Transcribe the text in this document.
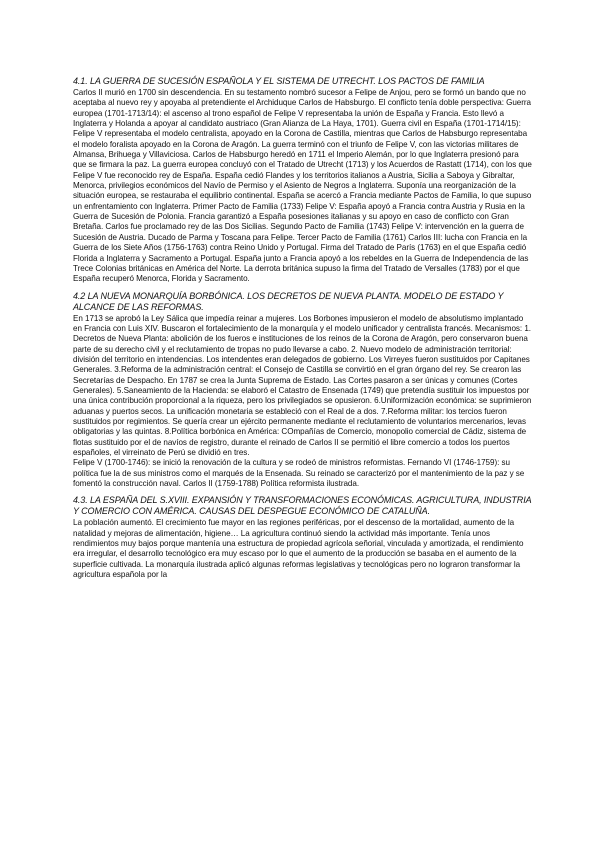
4.1. LA GUERRA DE SUCESIÓN ESPAÑOLA Y EL SISTEMA DE UTRECHT. LOS PACTOS DE FAMILIA
Carlos II murió en 1700 sin descendencia. En su testamento nombró sucesor a Felipe de Anjou, pero se formó un bando que no aceptaba al nuevo rey y apoyaba al pretendiente el Archiduque Carlos de Habsburgo. El conflicto tenía doble perspectiva: Guerra europea (1701-1713/14): el ascenso al trono español de Felipe V representaba la unión de España y Francia. Esto llevó a Inglaterra y Holanda a apoyar al candidato austriaco (Gran Alianza de La Haya, 1701). Guerra civil en España (1701-1714/15): Felipe V representaba el modelo centralista, apoyado en la Corona de Castilla, mientras que Carlos de Habsburgo representaba el modelo foralista apoyado en la Corona de Aragón. La guerra terminó con el triunfo de Felipe V, con las victorias militares de Almansa, Brihuega y Villaviciosa. Carlos de Habsburgo heredó en 1711 el Imperio Alemán, por lo que Inglaterra presionó para que se firmara la paz. La guerra europea concluyó con el Tratado de Utrecht (1713) y los Acuerdos de Rastatt (1714), con los que Felipe V fue reconocido rey de España. España cedió Flandes y los territorios italianos a Austria, Sicilia a Saboya y Gibraltar, Menorca, privilegios económicos del Navío de Permiso y el Asiento de Negros a Inglaterra. Suponía una reorganización de la situación europea, se restauraba el equilibrio continental. España se acercó a Francia mediante Pactos de Familia, lo que supuso un enfrentamiento con Inglaterra. Primer Pacto de Familia (1733) Felipe V: España apoyó a Francia contra Austria y Rusia en la Guerra de Sucesión de Polonia. Francia garantizó a España posesiones italianas y su apoyo en caso de conflicto con Gran Bretaña. Carlos fue proclamado rey de las Dos Sicilias. Segundo Pacto de Familia (1743) Felipe V: intervención en la guerra de Sucesión de Austria. Ducado de Parma y Toscana para Felipe. Tercer Pacto de Familia (1761) Carlos III: lucha con Francia en la Guerra de los Siete Años (1756-1763) contra Reino Unido y Portugal. Firma del Tratado de París (1763) en el que España cedió Florida a Inglaterra y Sacramento a Portugal. España junto a Francia apoyó a los rebeldes en la Guerra de Independencia de las Trece Colonias británicas en América del Norte. La derrota británica supuso la firma del Tratado de Versalles (1783) por el que España recuperó Menorca, Florida y Sacramento.
4.2 LA NUEVA MONARQUÍA BORBÓNICA. LOS DECRETOS DE NUEVA PLANTA. MODELO DE ESTADO Y ALCANCE DE LAS REFORMAS.
En 1713 se aprobó la Ley Sálica que impedía reinar a mujeres. Los Borbones impusieron el modelo de absolutismo implantado en Francia con Luis XIV. Buscaron el fortalecimiento de la monarquía y el modelo unificador y centralista francés. Mecanismos: 1. Decretos de Nueva Planta: abolición de los fueros e instituciones de los reinos de la Corona de Aragón, pero conservaron buena parte de su derecho civil y el reclutamiento de tropas no pudo llevarse a cabo. 2. Nuevo modelo de administración territorial: división del territorio en intendencias. Los intendentes eran delegados de gobierno. Los Virreyes fueron sustituidos por Capitanes Generales. 3.Reforma de la administración central: el Consejo de Castilla se convirtió en el gran órgano del rey. Se crearon las Secretarías de Despacho. En 1787 se crea la Junta Suprema de Estado. Las Cortes pasaron a ser únicas y comunes (Cortes Generales). 5.Saneamiento de la Hacienda: se elaboró el Catastro de Ensenada (1749) que pretendía sustituir los impuestos por una única contribución proporcional a la riqueza, pero los privilegiados se opusieron. 6.Uniformización económica: se suprimieron aduanas y puertos secos. La unificación monetaria se estableció con el Real de a dos. 7.Reforma militar: los tercios fueron sustituidos por regimientos. Se quería crear un ejército permanente mediante el reclutamiento de voluntarios mercenarios, levas obligatorias y las quintas. 8.Política borbónica en América: COmpañías de Comercio, monopolio comercial de Cádiz, sistema de flotas sustituido por el de navíos de registro, durante el reinado de Carlos II se permitió el libre comercio a todos los puertos españoles, el virreinato de Perú se dividió en tres.
Felipe V (1700-1746): se inició la renovación de la cultura y se rodeó de ministros reformistas. Fernando VI (1746-1759): su política fue la de sus ministros como el marqués de la Ensenada. Su reinado se caracterizó por el mantenimiento de la paz y se fomentó la construcción naval. Carlos II (1759-1788) Política reformista ilustrada.
4.3. LA ESPAÑA DEL S.XVIII. EXPANSIÓN Y TRANSFORMACIONES ECONÓMICAS. AGRICULTURA, INDUSTRIA Y COMERCIO CON AMÉRICA. CAUSAS DEL DESPEGUE ECONÓMICO DE CATALUÑA.
La población aumentó. El crecimiento fue mayor en las regiones periféricas, por el descenso de la mortalidad, aumento de la natalidad y mejoras de alimentación, higiene… La agricultura continuó siendo la actividad más importante. Tenía unos rendimientos muy bajos porque mantenía una estructura de propiedad agrícola señorial, vinculada y amortizada, el rendimiento era irregular, el desarrollo tecnológico era muy escaso por lo que el aumento de la producción se basaba en el aumento de la superficie cultivada. La monarquía ilustrada aplicó algunas reformas legislativas y tecnológicas pero no lograron transformar la agricultura española por la
